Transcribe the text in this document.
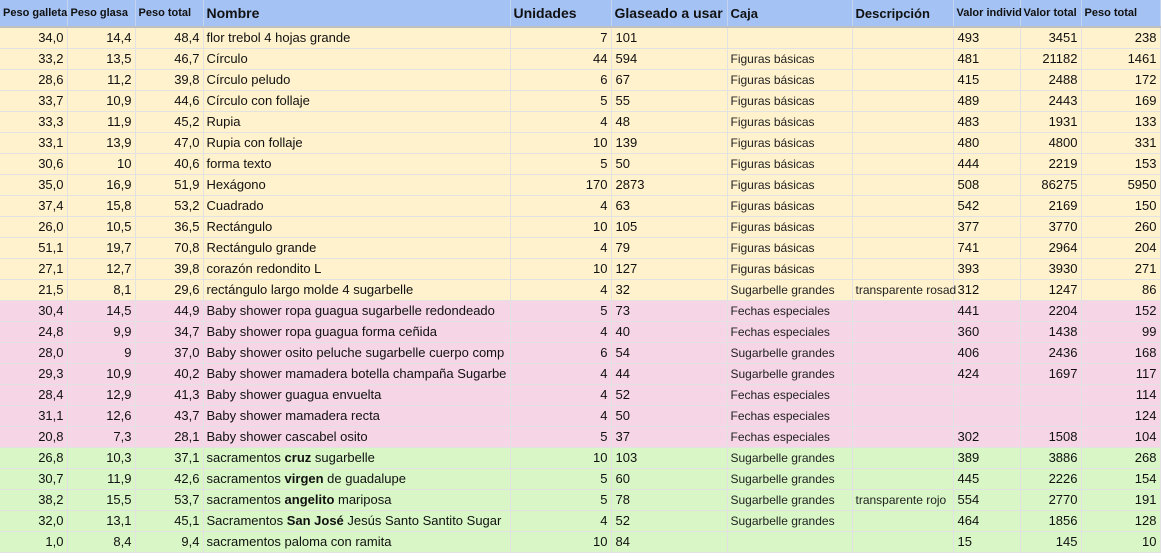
Peso galleta	Peso glasa	Peso total	Nombre	Unidades	Glaseado a usar	Caja	Descripción	Valor individ	Valor total	Peso total
34,0	14,4	48,4	flor trebol 4 hojas grande	7	101			493	3451	238
33,2	13,5	46,7	Círculo	44	594	Figuras básicas		481	21182	1461
28,6	11,2	39,8	Círculo peludo	6	67	Figuras básicas		415	2488	172
33,7	10,9	44,6	Círculo con follaje	5	55	Figuras básicas		489	2443	169
33,3	11,9	45,2	Rupia	4	48	Figuras básicas		483	1931	133
33,1	13,9	47,0	Rupia con follaje	10	139	Figuras básicas		480	4800	331
30,6	10	40,6	forma texto	5	50	Figuras básicas		444	2219	153
35,0	16,9	51,9	Hexágono	170	2873	Figuras básicas		508	86275	5950
37,4	15,8	53,2	Cuadrado	4	63	Figuras básicas		542	2169	150
26,0	10,5	36,5	Rectángulo	10	105	Figuras básicas		377	3770	260
51,1	19,7	70,8	Rectángulo grande	4	79	Figuras básicas		741	2964	204
27,1	12,7	39,8	corazón redondito L	10	127	Figuras básicas		393	3930	271
21,5	8,1	29,6	rectángulo largo molde 4 sugarbelle	4	32	Sugarbelle grandes	transparente rosad	312	1247	86
30,4	14,5	44,9	Baby shower ropa guagua sugarbelle redondeado	5	73	Fechas especiales		441	2204	152
24,8	9,9	34,7	Baby shower ropa guagua forma ceñida	4	40	Fechas especiales		360	1438	99
28,0	9	37,0	Baby shower osito peluche sugarbelle cuerpo comp	6	54	Sugarbelle grandes		406	2436	168
29,3	10,9	40,2	Baby shower mamadera botella champaña Sugarbe	4	44	Sugarbelle grandes		424	1697	117
28,4	12,9	41,3	Baby shower guagua envuelta	4	52	Fechas especiales				114
31,1	12,6	43,7	Baby shower mamadera recta	4	50	Fechas especiales				124
20,8	7,3	28,1	Baby shower cascabel osito	5	37	Fechas especiales		302	1508	104
26,8	10,3	37,1	sacramentos cruz sugarbelle	10	103	Sugarbelle grandes		389	3886	268
30,7	11,9	42,6	sacramentos virgen de guadalupe	5	60	Sugarbelle grandes		445	2226	154
38,2	15,5	53,7	sacramentos angelito mariposa	5	78	Sugarbelle grandes	transparente rojo	554	2770	191
32,0	13,1	45,1	Sacramentos San José Jesús Santo Santito Sugar	4	52	Sugarbelle grandes		464	1856	128
1,0	8,4	9,4	sacramentos paloma con ramita	10	84			15	145	10
